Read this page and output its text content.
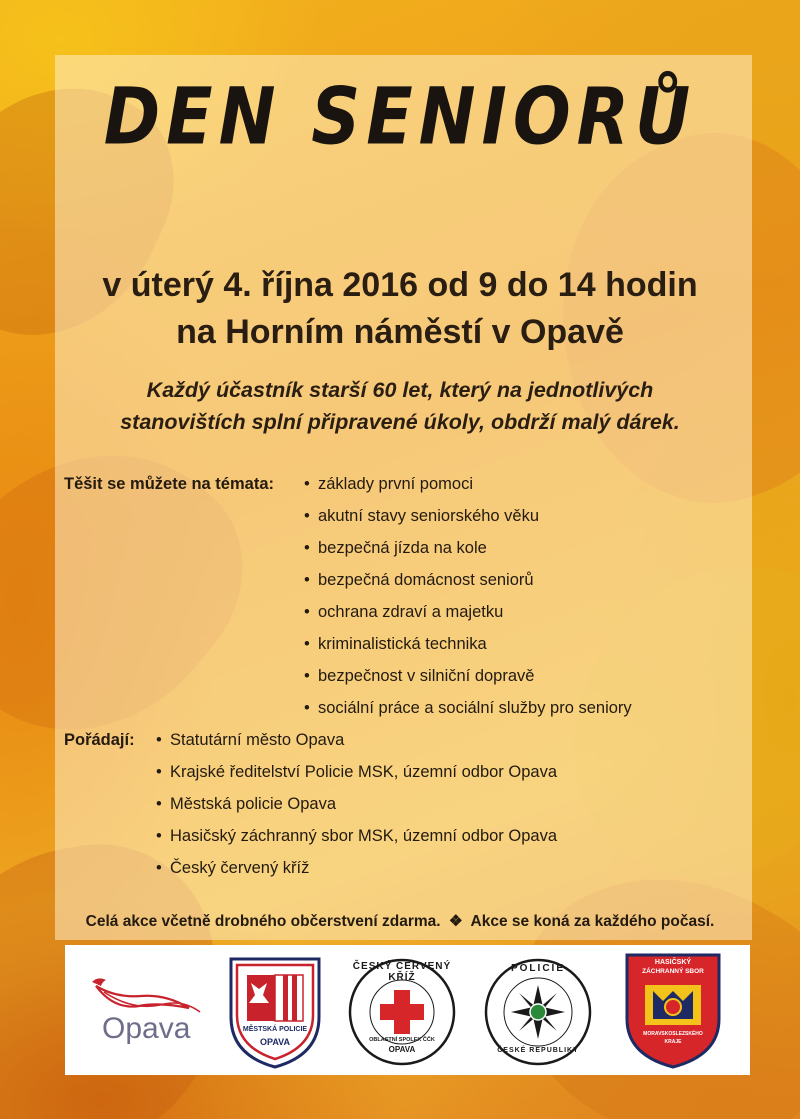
DEN SENIORŮ
v úterý 4. října 2016 od 9 do 14 hodin
na Horním náměstí v Opavě
Každý účastník starší 60 let, který na jednotlivých
stanovištích splní připravené úkoly, obdrží malý dárek.
Těšit se můžete na témata: • základy první pomoci
• akutní stavy seniorského věku
• bezpečná jízda na kole
• bezpečná domácnost seniorů
• ochrana zdraví a majetku
• kriminalistická technika
• bezpečnost v silniční dopravě
• sociální práce a sociální služby pro seniory
Pořádají: • Statutární město Opava
• Krajské ředitelství Policie MSK, územní odbor Opava
• Městská policie Opava
• Hasičský záchranný sbor MSK, územní odbor Opava
• Český červený kříž
Celá akce včetně drobného občerstvení zdarma. ❖ Akce se koná za každého počasí.
Opava	MĚSTSKÁ POLICIE
OPAVA
ČESKÝ ČERVENÝ KŘÍŽ
OBLASTNÍ SPOLEK ČČK
OPAVA
POLICIE
ČESKÉ REPUBLIKY
HASIČSKÝ
ZÁCHRANNÝ SBOR
MORAVSKOSLEZSKÉHO
KRAJE
